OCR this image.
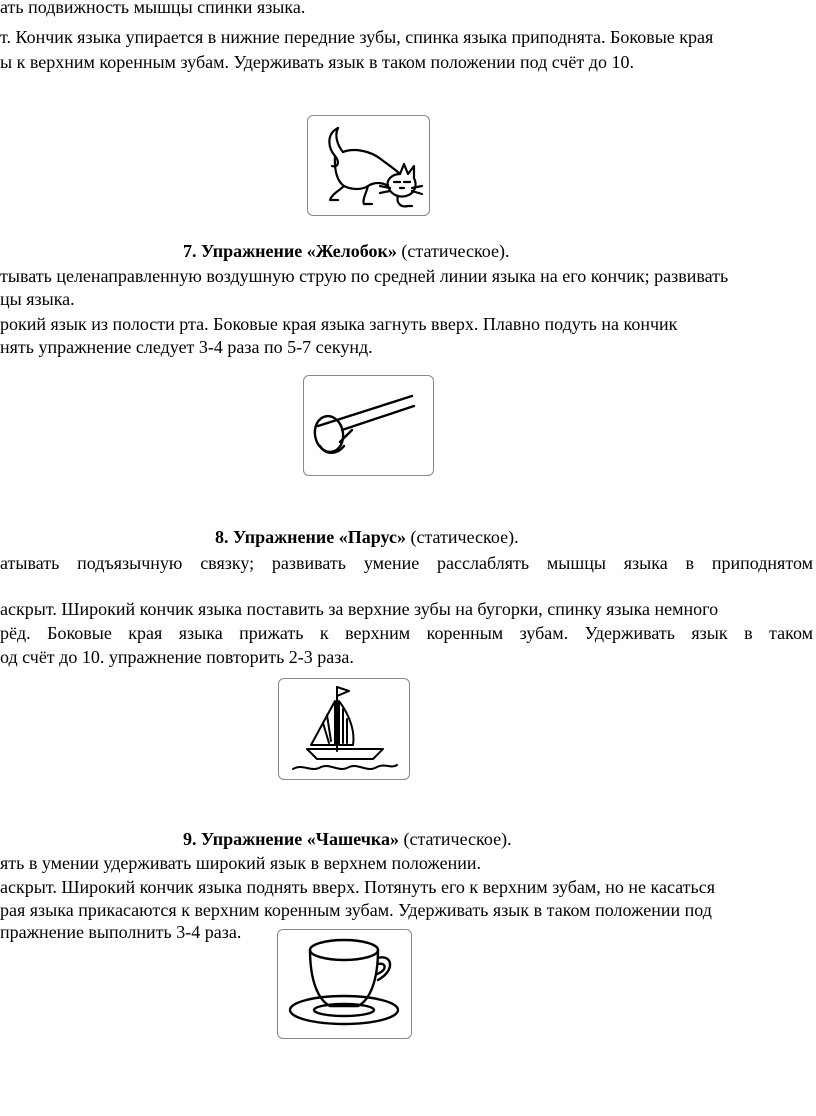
ать подвижность мышцы спинки языка.
т. Кончик языка упирается в нижние передние зубы, спинка языка приподнята. Боковые края
ы к верхним коренным зубам. Удерживать язык в таком положении под счёт до 10.
7. Упражнение «Желобок» (статическое).
тывать целенаправленную воздушную струю по средней линии языка на его кончик; развивать
цы языка.
рокий язык из полости рта. Боковые края языка загнуть вверх. Плавно подуть на кончик
нять упражнение следует 3-4 раза по 5-7 секунд.
8. Упражнение «Парус» (статическое).
атывать подъязычную связку; развивать умение расслаблять мышцы языка в приподнятом
аскрыт. Широкий кончик языка поставить за верхние зубы на бугорки, спинку языка немного
рёд. Боковые края языка прижать к верхним коренным зубам. Удерживать язык в таком
од счёт до 10. упражнение повторить 2-3 раза.
9. Упражнение «Чашечка» (статическое).
ять в умении удерживать широкий язык в верхнем положении.
аскрыт. Широкий кончик языка поднять вверх. Потянуть его к верхним зубам, но не касаться
рая языка прикасаются к верхним коренным зубам. Удерживать язык в таком положении под
пражнение выполнить 3-4 раза.
